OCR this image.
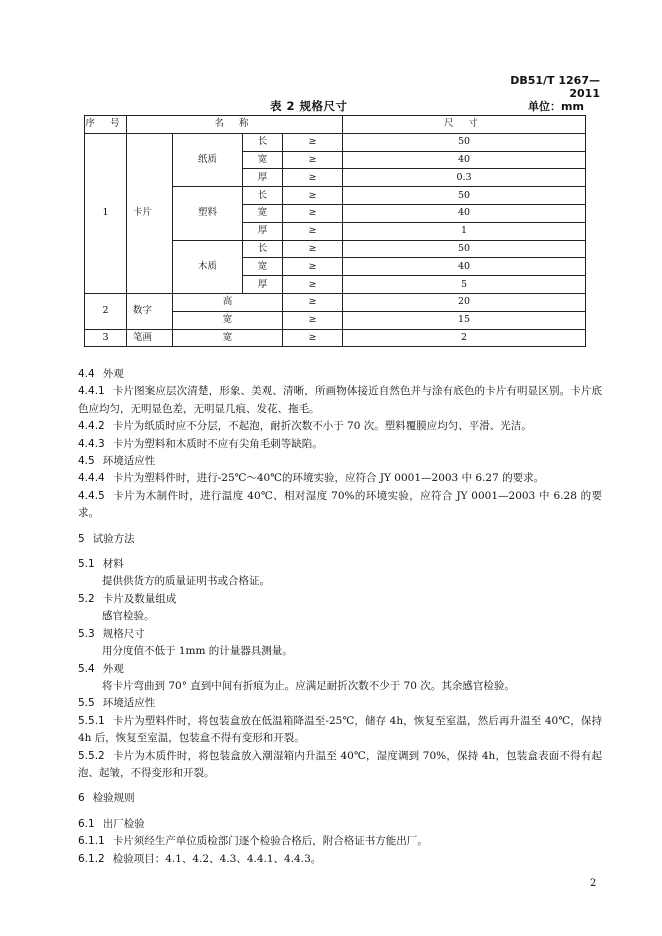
DB51/T 1267—2011
表 2 规格尺寸	单位：mm
序 号	名 称				尺 寸
1	卡片	纸质	长	≥	50
			宽	≥	40
			厚	≥	0.3
		塑料	长	≥	50
			宽	≥	40
			厚	≥	1
		木质	长	≥	50
			宽	≥	40
			厚	≥	5
2	数字	高		≥	20
		宽		≥	15
3	笔画	宽		≥	2
4.4 外观
4.4.1 卡片图案应层次清楚，形象、美观、清晰，所画物体接近自然色并与涂有底色的卡片有明显区别。卡片底色应均匀，无明显色差，无明显几痕、发花、拖毛。
4.4.2 卡片为纸质时应不分层，不起泡，耐折次数不小于 70 次。塑料覆膜应均匀、平滑、光洁。
4.4.3 卡片为塑料和木质时不应有尖角毛刺等缺陷。
4.5 环境适应性
4.4.4 卡片为塑料件时，进行-25℃～40℃的环境实验，应符合 JY 0001—2003 中 6.27 的要求。
4.4.5 卡片为木制件时，进行温度 40℃、相对湿度 70%的环境实验，应符合 JY 0001—2003 中 6.28 的要求。
5 试验方法
5.1 材料
提供供货方的质量证明书或合格证。
5.2 卡片及数量组成
感官检验。
5.3 规格尺寸
用分度值不低于 1mm 的计量器具测量。
5.4 外观
将卡片弯曲到 70° 直到中间有折痕为止。应满足耐折次数不少于 70 次。其余感官检验。
5.5 环境适应性
5.5.1 卡片为塑料件时，将包装盒放在低温箱降温至-25℃，储存 4h，恢复至室温，然后再升温至 40℃，保持 4h 后，恢复至室温，包装盒不得有变形和开裂。
5.5.2 卡片为木质件时，将包装盒放入潮湿箱内升温至 40℃，湿度调到 70%，保持 4h，包装盒表面不得有起泡、起皱，不得变形和开裂。
6 检验规则
6.1 出厂检验
6.1.1 卡片须经生产单位质检部门逐个检验合格后，附合格证书方能出厂。
6.1.2 检验项目：4.1、4.2、4.3、4.4.1、4.4.3。
2
